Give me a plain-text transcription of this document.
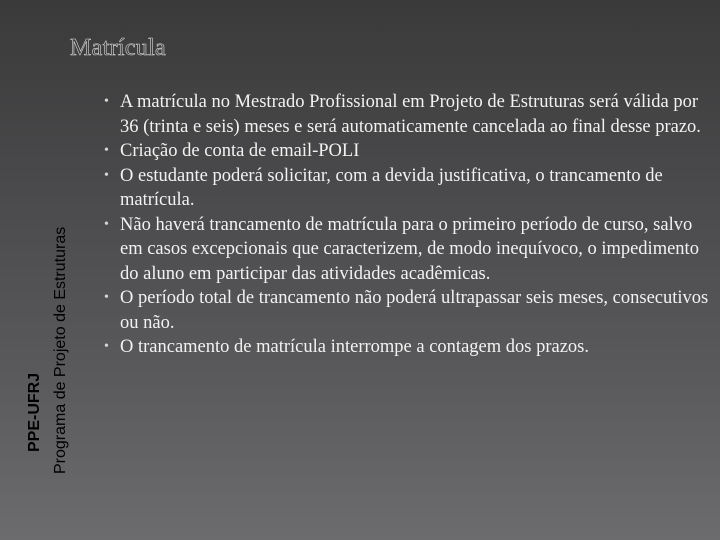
Matrícula
PPE-UFRJ Programa de Projeto de Estruturas
• A matrícula no Mestrado Profissional em Projeto de Estruturas será válida por 36 (trinta e seis) meses e será automaticamente cancelada ao final desse prazo.
• Criação de conta de email-POLI
• O estudante poderá solicitar, com a devida justificativa, o trancamento de matrícula.
• Não haverá trancamento de matrícula para o primeiro período de curso, salvo em casos excepcionais que caracterizem, de modo inequívoco, o impedimento do aluno em participar das atividades acadêmicas.
• O período total de trancamento não poderá ultrapassar seis meses, consecutivos ou não.
• O trancamento de matrícula interrompe a contagem dos prazos.
